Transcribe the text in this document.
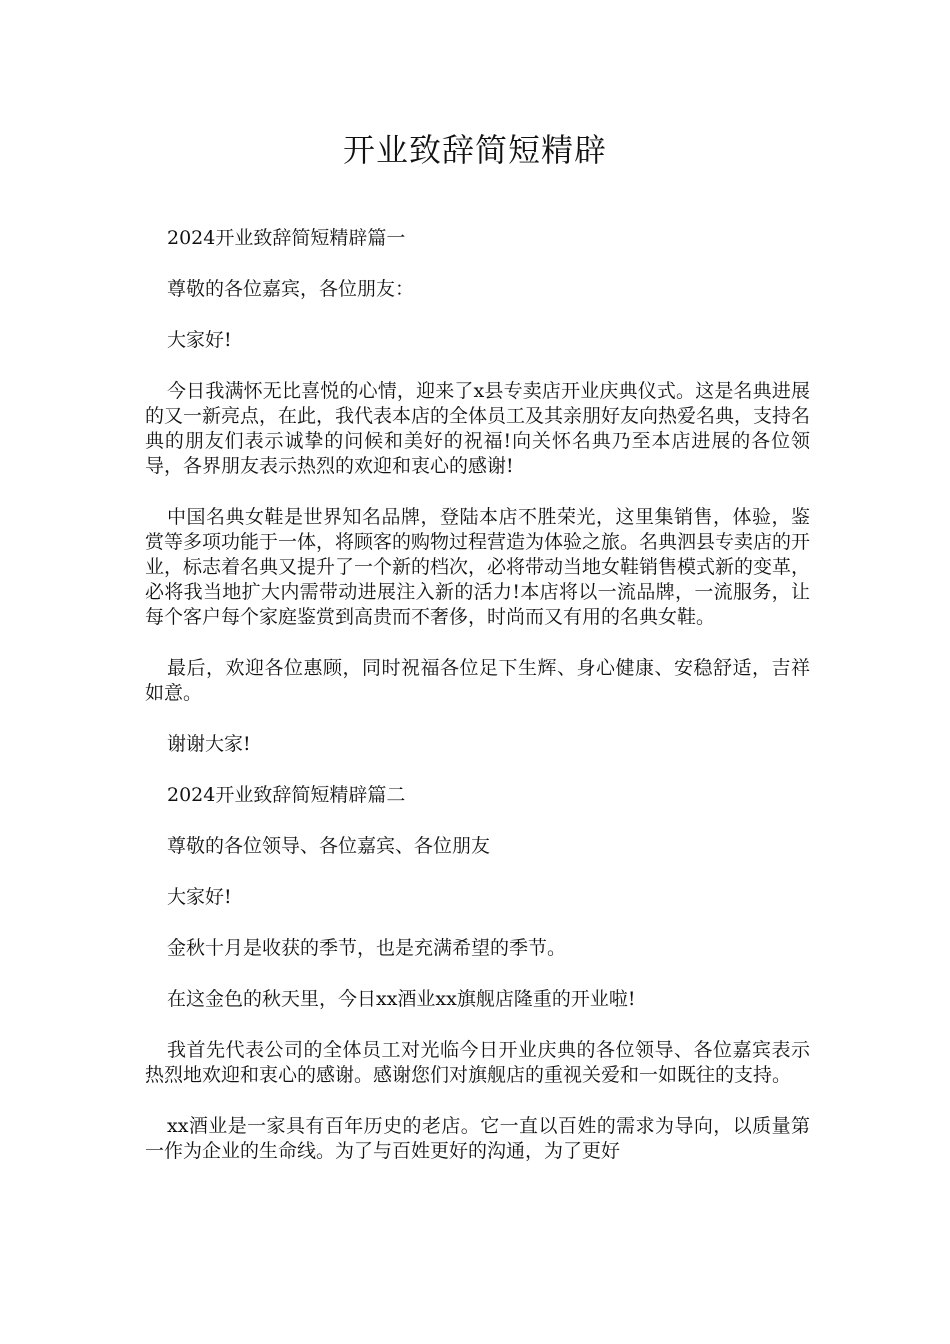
开业致辞简短精辟

2024开业致辞简短精辟篇一

尊敬的各位嘉宾，各位朋友：

大家好!

今日我满怀无比喜悦的心情，迎来了x县专卖店开业庆典仪式。这是名典进展的又一新亮点，在此，我代表本店的全体员工及其亲朋好友向热爱名典，支持名典的朋友们表示诚挚的问候和美好的祝福!向关怀名典乃至本店进展的各位领导，各界朋友表示热烈的欢迎和衷心的感谢!

中国名典女鞋是世界知名品牌，登陆本店不胜荣光，这里集销售，体验，鉴赏等多项功能于一体，将顾客的购物过程营造为体验之旅。名典泗县专卖店的开业，标志着名典又提升了一个新的档次，必将带动当地女鞋销售模式新的变革，必将我当地扩大内需带动进展注入新的活力!本店将以一流品牌，一流服务，让每个客户每个家庭鉴赏到高贵而不奢侈，时尚而又有用的名典女鞋。

最后，欢迎各位惠顾，同时祝福各位足下生辉、身心健康、安稳舒适，吉祥如意。

谢谢大家!

2024开业致辞简短精辟篇二

尊敬的各位领导、各位嘉宾、各位朋友

大家好!

金秋十月是收获的季节，也是充满希望的季节。

在这金色的秋天里，今日xx酒业xx旗舰店隆重的开业啦!

我首先代表公司的全体员工对光临今日开业庆典的各位领导、各位嘉宾表示热烈地欢迎和衷心的感谢。感谢您们对旗舰店的重视关爱和一如既往的支持。

xx酒业是一家具有百年历史的老店。它一直以百姓的需求为导向，以质量第一作为企业的生命线。为了与百姓更好的沟通，为了更好
